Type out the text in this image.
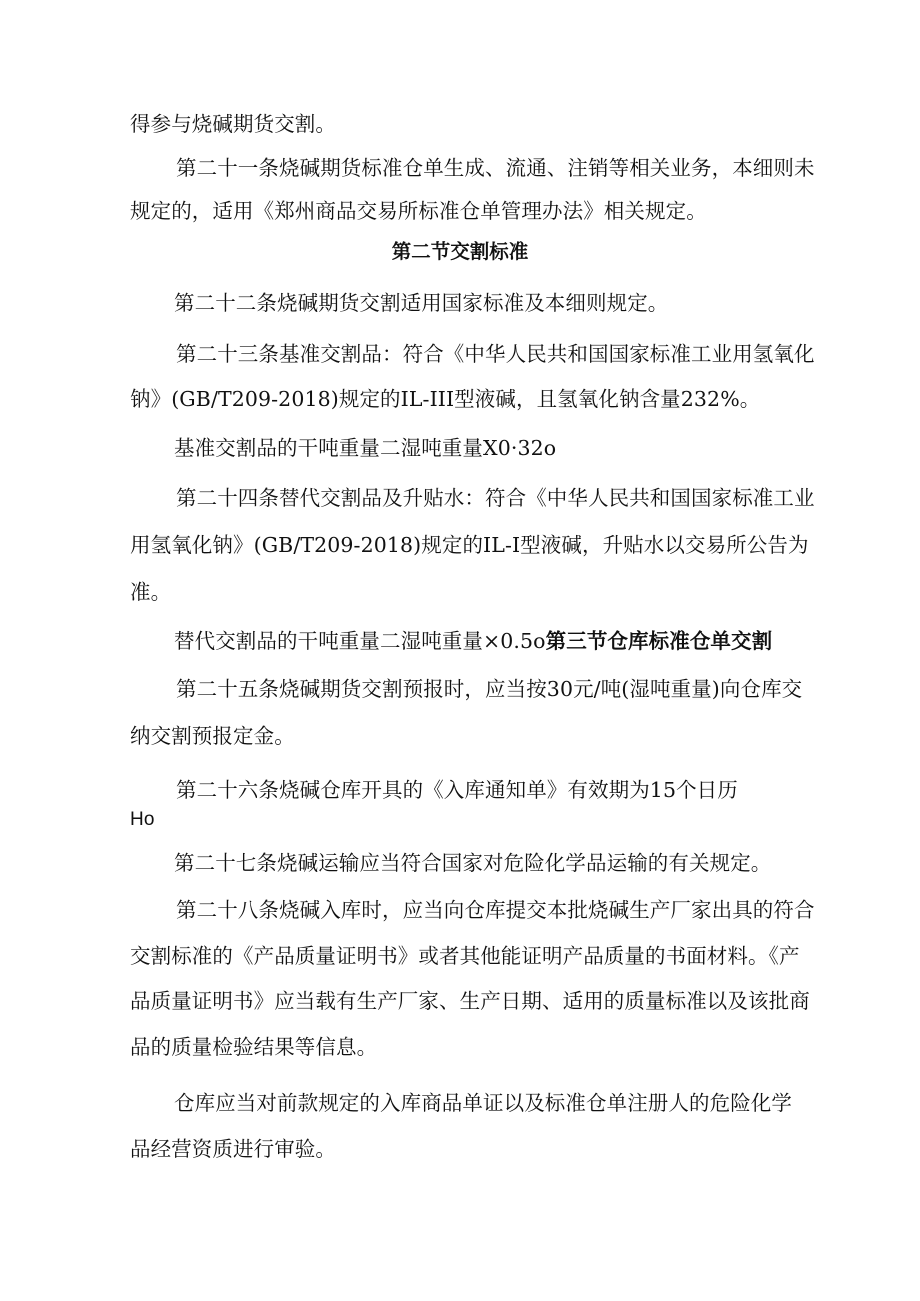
得参与烧碱期货交割。
第二十一条烧碱期货标准仓单生成、流通、注销等相关业务，本细则未
规定的，适用《郑州商品交易所标准仓单管理办法》相关规定。
第二节交割标准
第二十二条烧碱期货交割适用国家标准及本细则规定。
第二十三条基准交割品：符合《中华人民共和国国家标准工业用氢氧化
钠》(GB/T209-2018)规定的IL-III型液碱，且氢氧化钠含量232%。
基准交割品的干吨重量二湿吨重量X0·32o
第二十四条替代交割品及升贴水：符合《中华人民共和国国家标准工业
用氢氧化钠》(GB/T209-2018)规定的IL-I型液碱，升贴水以交易所公告为
准。
替代交割品的干吨重量二湿吨重量×0.5o第三节仓库标准仓单交割
第二十五条烧碱期货交割预报时，应当按30元/吨(湿吨重量)向仓库交
纳交割预报定金。
第二十六条烧碱仓库开具的《入库通知单》有效期为15个日历
Ho
第二十七条烧碱运输应当符合国家对危险化学品运输的有关规定。
第二十八条烧碱入库时，应当向仓库提交本批烧碱生产厂家出具的符合
交割标准的《产品质量证明书》或者其他能证明产品质量的书面材料。《产
品质量证明书》应当载有生产厂家、生产日期、适用的质量标准以及该批商
品的质量检验结果等信息。
仓库应当对前款规定的入库商品单证以及标准仓单注册人的危险化学
品经营资质进行审验。
